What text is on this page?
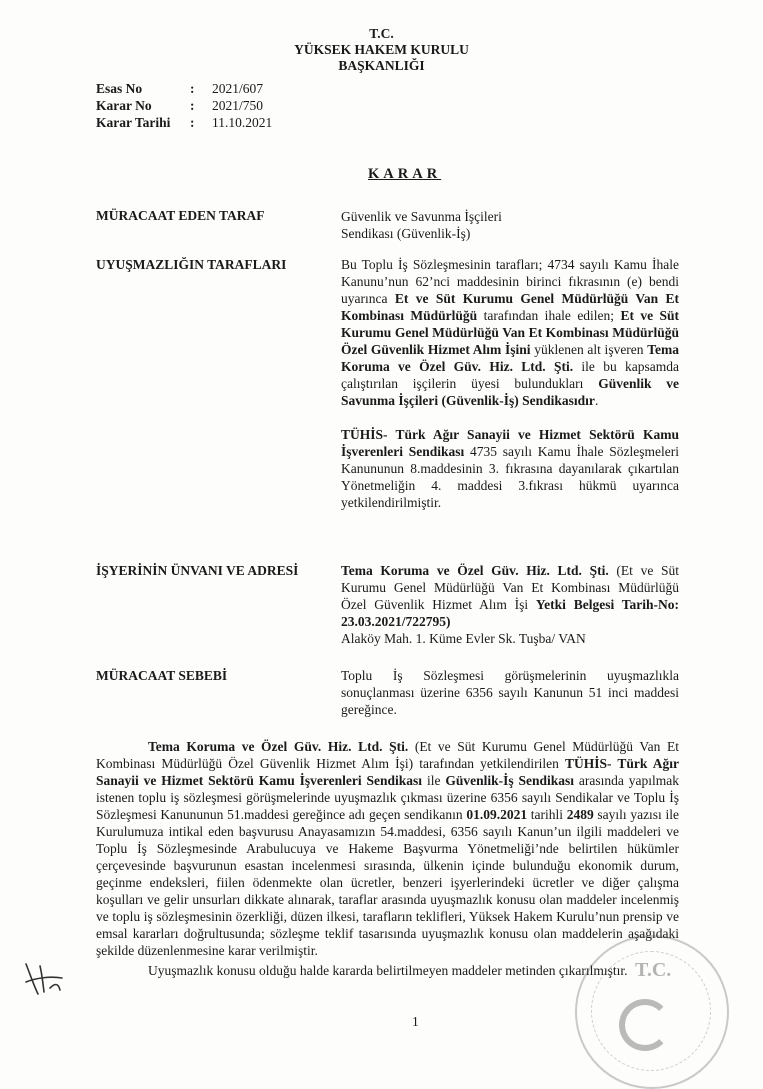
T.C.
YÜKSEK HAKEM KURULU
BAŞKANLIĞI
Esas No	:	2021/607
Karar No	:	2021/750
Karar Tarihi	:	11.10.2021
KARAR
MÜRACAAT EDEN TARAF	Güvenlik ve Savunma İşçileri Sendikası (Güvenlik-İş)
UYUŞMAZLIĞIN TARAFLARI	Bu Toplu İş Sözleşmesinin tarafları; 4734 sayılı Kamu İhale Kanunu’nun 62’nci maddesinin birinci fıkrasının (e) bendi uyarınca Et ve Süt Kurumu Genel Müdürlüğü Van Et Kombinası Müdürlüğü tarafından ihale edilen; Et ve Süt Kurumu Genel Müdürlüğü Van Et Kombinası Müdürlüğü Özel Güvenlik Hizmet Alım İşini yüklenen alt işveren Tema Koruma ve Özel Güv. Hiz. Ltd. Şti. ile bu kapsamda çalıştırılan işçilerin üyesi bulundukları Güvenlik ve Savunma İşçileri (Güvenlik-İş) Sendikasıdır.

TÜHİS- Türk Ağır Sanayii ve Hizmet Sektörü Kamu İşverenleri Sendikası 4735 sayılı Kamu İhale Sözleşmeleri Kanununun 8.maddesinin 3. fıkrasına dayanılarak çıkartılan Yönetmeliğin 4. maddesi 3.fıkrası hükmü uyarınca yetkilendirilmiştir.

İŞYERİNİN ÜNVANI VE ADRESİ	Tema Koruma ve Özel Güv. Hiz. Ltd. Şti. (Et ve Süt Kurumu Genel Müdürlüğü Van Et Kombinası Müdürlüğü Özel Güvenlik Hizmet Alım İşi Yetki Belgesi Tarih-No: 23.03.2021/722795)
Alaköy Mah. 1. Küme Evler Sk. Tuşba/ VAN

MÜRACAAT SEBEBİ	Toplu İş Sözleşmesi görüşmelerinin uyuşmazlıkla sonuçlanması üzerine 6356 sayılı Kanunun 51 inci maddesi gereğince.

Tema Koruma ve Özel Güv. Hiz. Ltd. Şti. (Et ve Süt Kurumu Genel Müdürlüğü Van Et Kombinası Müdürlüğü Özel Güvenlik Hizmet Alım İşi) tarafından yetkilendirilen TÜHİS- Türk Ağır Sanayii ve Hizmet Sektörü Kamu İşverenleri Sendikası ile Güvenlik-İş Sendikası arasında yapılmak istenen toplu iş sözleşmesi görüşmelerinde uyuşmazlık çıkması üzerine 6356 sayılı Sendikalar ve Toplu İş Sözleşmesi Kanununun 51.maddesi gereğince adı geçen sendikanın 01.09.2021 tarihli 2489 sayılı yazısı ile Kurulumuza intikal eden başvurusu Anayasamızın 54.maddesi, 6356 sayılı Kanun’un ilgili maddeleri ve Toplu İş Sözleşmesinde Arabulucuya ve Hakeme Başvurma Yönetmeliği’nde belirtilen hükümler çerçevesinde başvurunun esastan incelenmesi sırasında, ülkenin içinde bulunduğu ekonomik durum, geçinme endeksleri, fiilen ödenmekte olan ücretler, benzeri işyerlerindeki ücretler ve diğer çalışma koşulları ve gelir unsurları dikkate alınarak, taraflar arasında uyuşmazlık konusu olan maddeler incelenmiş ve toplu iş sözleşmesinin özerkliği, düzen ilkesi, tarafların teklifleri, Yüksek Hakem Kurulu’nun prensip ve emsal kararları doğrultusunda; sözleşme teklif tasarısında uyuşmazlık konusu olan maddelerin aşağıdaki şekilde düzenlenmesine karar verilmiştir.

Uyuşmazlık konusu olduğu halde kararda belirtilmeyen maddeler metinden çıkarılmıştır.

1
T.C.
